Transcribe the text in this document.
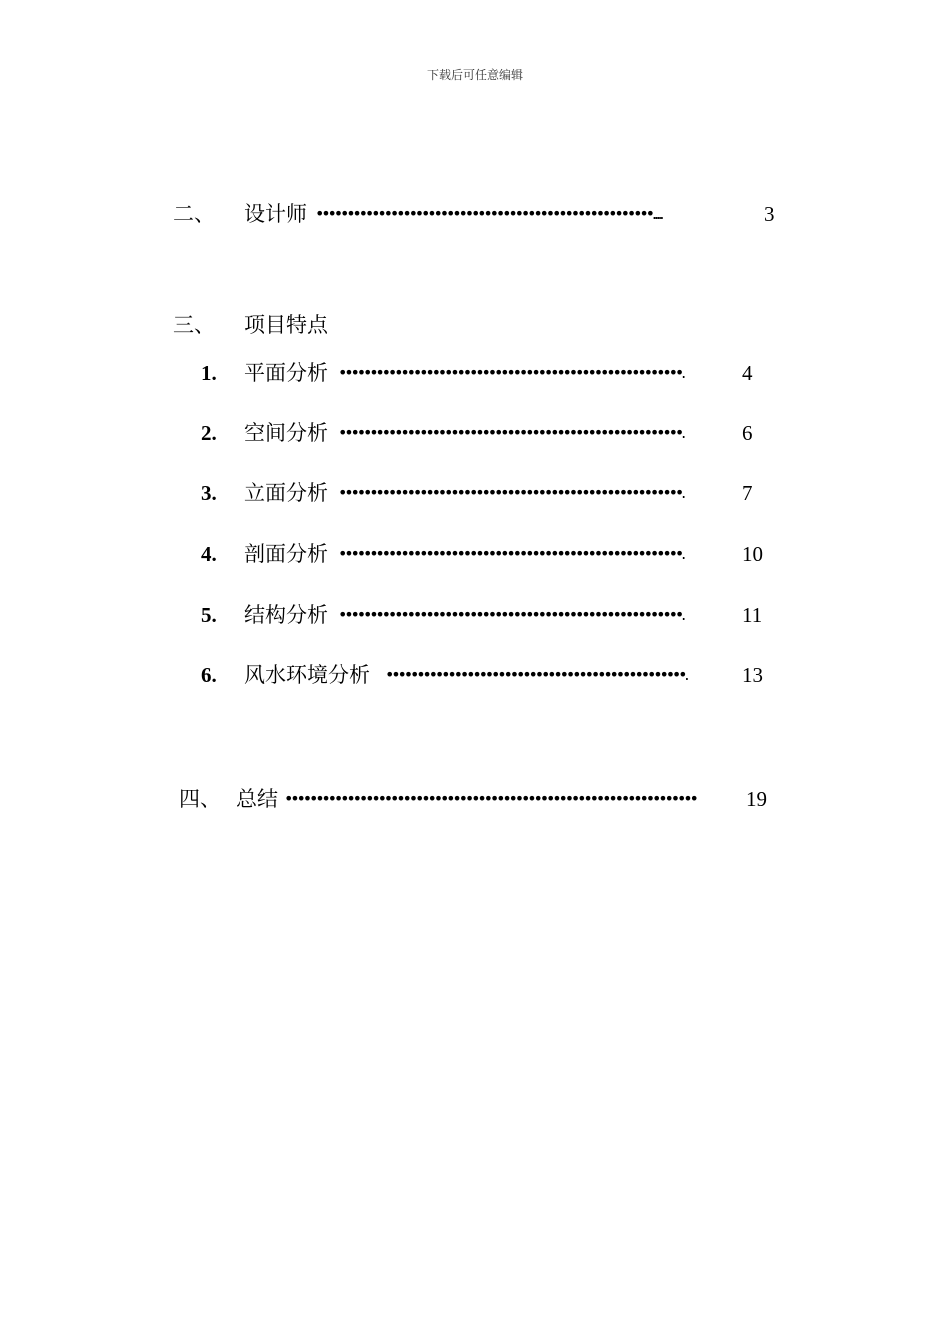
下载后可任意编辑
二、 设计师 ••••••••••••••••••••••••••••••••••••••••••••••••••••••.....	3
三、 项目特点
1. 平面分析 •••••••••••••••••••••••••••••••••••••••••••••••••••••••.	4
2. 空间分析 •••••••••••••••••••••••••••••••••••••••••••••••••••••••.	6
3. 立面分析 •••••••••••••••••••••••••••••••••••••••••••••••••••••••.	7
4. 剖面分析 •••••••••••••••••••••••••••••••••••••••••••••••••••••••.	10
5. 结构分析 •••••••••••••••••••••••••••••••••••••••••••••••••••••••.	11
6. 风水环境分析 ••••••••••••••••••••••••••••••••••••••••••••••••.	13
四、 总结 •••••••••••••••••••••••••••••••••••••••••••••••••••••••••••••••••• 19
